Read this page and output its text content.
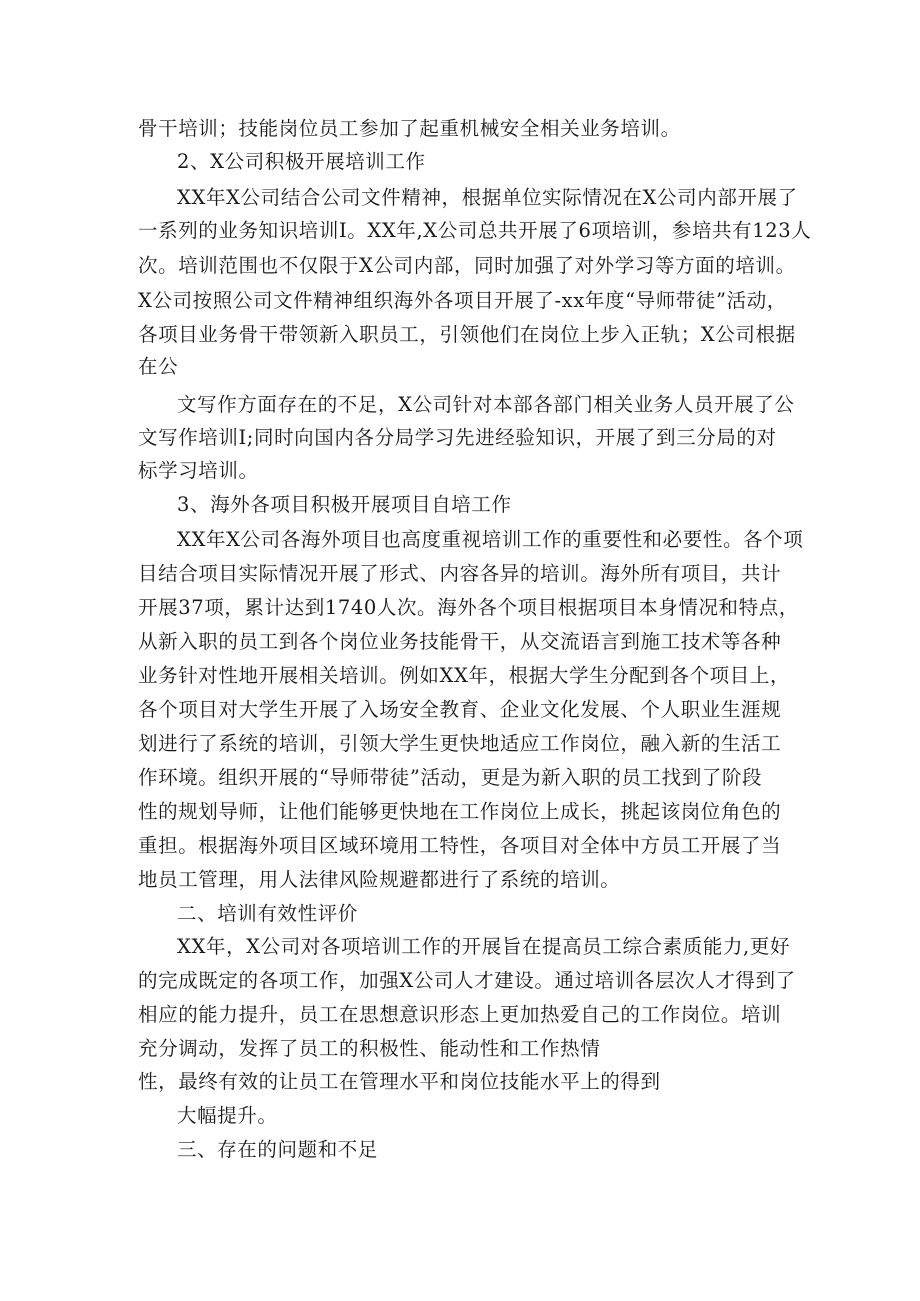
骨干培训；技能岗位员工参加了起重机械安全相关业务培训。
2、X公司积极开展培训工作
XX年X公司结合公司文件精神，根据单位实际情况在X公司内部开展了
一系列的业务知识培训I。XX年,X公司总共开展了6项培训，参培共有123人
次。培训范围也不仅限于X公司内部，同时加强了对外学习等方面的培训。
X公司按照公司文件精神组织海外各项目开展了-xx年度“导师带徒”活动，
各项目业务骨干带领新入职员工，引领他们在岗位上步入正轨；X公司根据
在公
文写作方面存在的不足，X公司针对本部各部门相关业务人员开展了公
文写作培训I;同时向国内各分局学习先进经验知识，开展了到三分局的对
标学习培训。
3、海外各项目积极开展项目自培工作
XX年X公司各海外项目也高度重视培训工作的重要性和必要性。各个项
目结合项目实际情况开展了形式、内容各异的培训。海外所有项目，共计
开展37项，累计达到1740人次。海外各个项目根据项目本身情况和特点，
从新入职的员工到各个岗位业务技能骨干，从交流语言到施工技术等各种
业务针对性地开展相关培训。例如XX年，根据大学生分配到各个项目上，
各个项目对大学生开展了入场安全教育、企业文化发展、个人职业生涯规
划进行了系统的培训，引领大学生更快地适应工作岗位，融入新的生活工
作环境。组织开展的“导师带徒”活动，更是为新入职的员工找到了阶段
性的规划导师，让他们能够更快地在工作岗位上成长，挑起该岗位角色的
重担。根据海外项目区域环境用工特性，各项目对全体中方员工开展了当
地员工管理，用人法律风险规避都进行了系统的培训。
二、培训有效性评价
XX年，X公司对各项培训工作的开展旨在提高员工综合素质能力,更好
的完成既定的各项工作，加强X公司人才建设。通过培训各层次人才得到了
相应的能力提升，员工在思想意识形态上更加热爱自己的工作岗位。培训
充分调动，发挥了员工的积极性、能动性和工作热情
性，最终有效的让员工在管理水平和岗位技能水平上的得到
大幅提升。
三、存在的问题和不足
